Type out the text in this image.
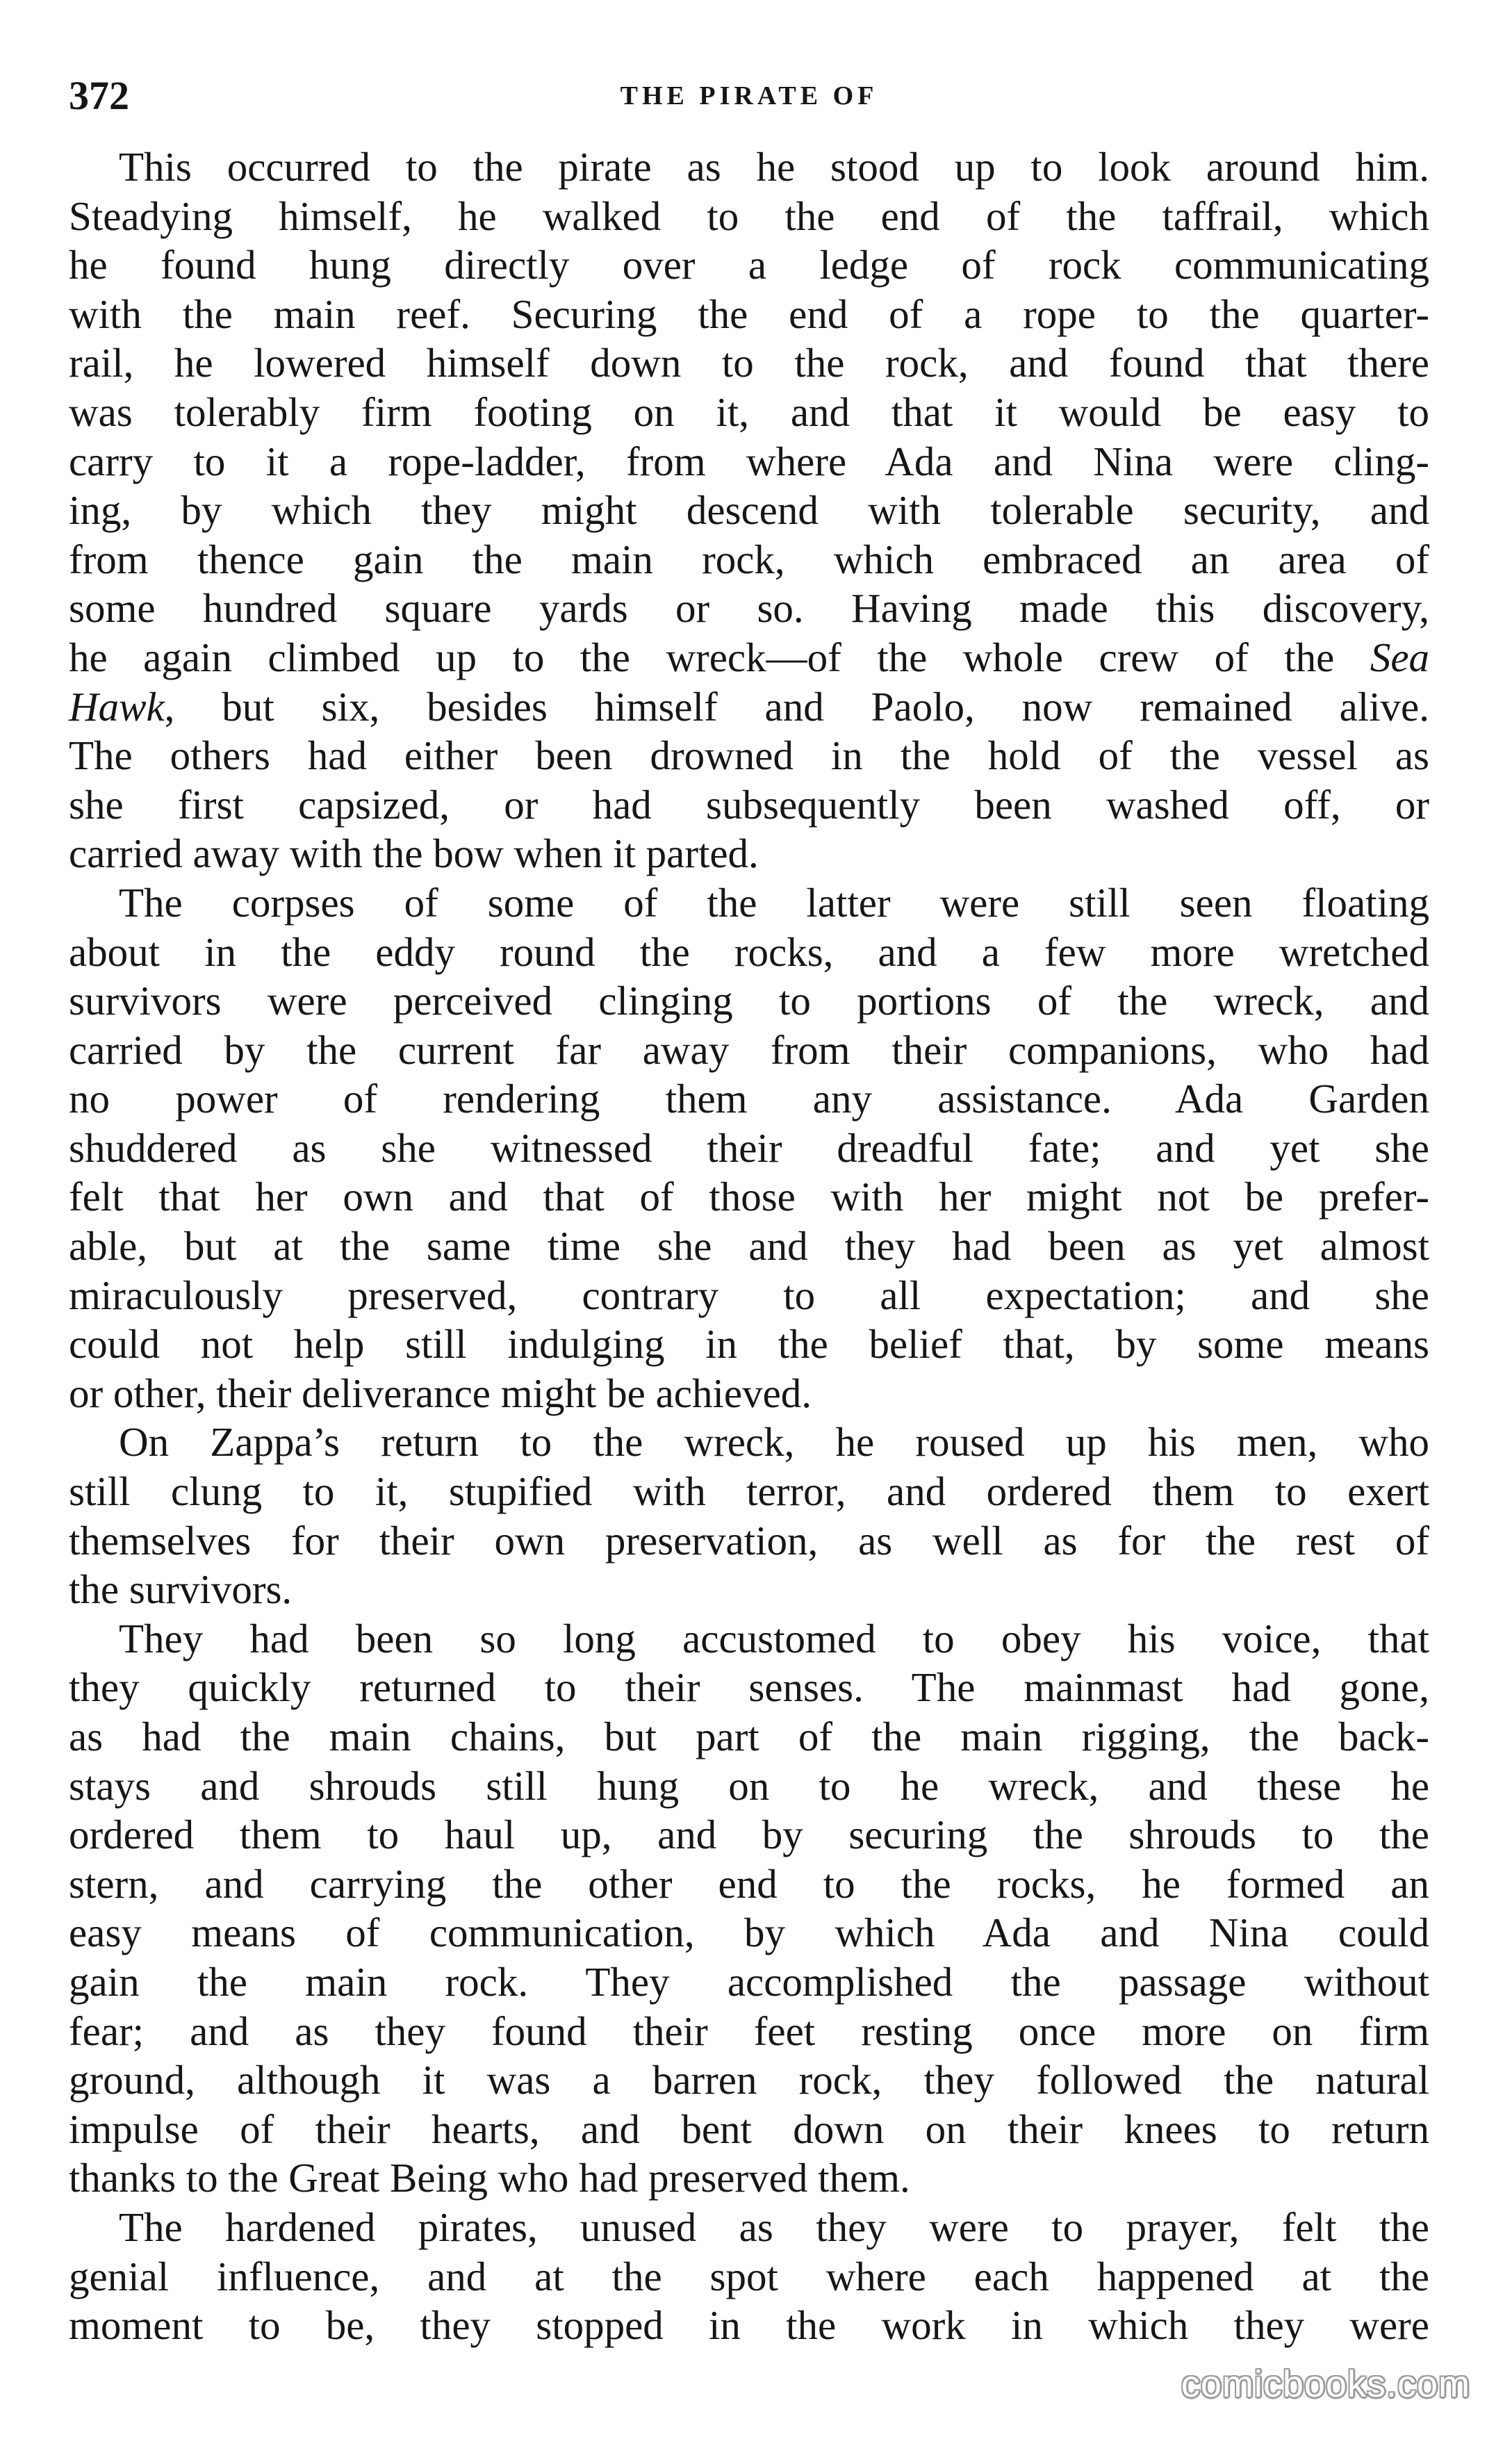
372	THE PIRATE OF

This occurred to the pirate as he stood up to look around him.
Steadying himself, he walked to the end of the taffrail, which
he found hung directly over a ledge of rock communicating
with the main reef. Securing the end of a rope to the quarter-
rail, he lowered himself down to the rock, and found that there
was tolerably firm footing on it, and that it would be easy to
carry to it a rope-ladder, from where Ada and Nina were cling-
ing, by which they might descend with tolerable security, and
from thence gain the main rock, which embraced an area of
some hundred square yards or so. Having made this discovery,
he again climbed up to the wreck—of the whole crew of the Sea
Hawk, but six, besides himself and Paolo, now remained alive.
The others had either been drowned in the hold of the vessel as
she first capsized, or had subsequently been washed off, or
carried away with the bow when it parted.

The corpses of some of the latter were still seen floating
about in the eddy round the rocks, and a few more wretched
survivors were perceived clinging to portions of the wreck, and
carried by the current far away from their companions, who had
no power of rendering them any assistance. Ada Garden
shuddered as she witnessed their dreadful fate; and yet she
felt that her own and that of those with her might not be prefer-
able, but at the same time she and they had been as yet almost
miraculously preserved, contrary to all expectation; and she
could not help still indulging in the belief that, by some means
or other, their deliverance might be achieved.

On Zappa’s return to the wreck, he roused up his men, who
still clung to it, stupified with terror, and ordered them to exert
themselves for their own preservation, as well as for the rest of
the survivors.

They had been so long accustomed to obey his voice, that
they quickly returned to their senses. The mainmast had gone,
as had the main chains, but part of the main rigging, the back-
stays and shrouds still hung on to he wreck, and these he
ordered them to haul up, and by securing the shrouds to the
stern, and carrying the other end to the rocks, he formed an
easy means of communication, by which Ada and Nina could
gain the main rock. They accomplished the passage without
fear; and as they found their feet resting once more on firm
ground, although it was a barren rock, they followed the natural
impulse of their hearts, and bent down on their knees to return
thanks to the Great Being who had preserved them.

The hardened pirates, unused as they were to prayer, felt the
genial influence, and at the spot where each happened at the
moment to be, they stopped in the work in which they were

comicbooks.com
